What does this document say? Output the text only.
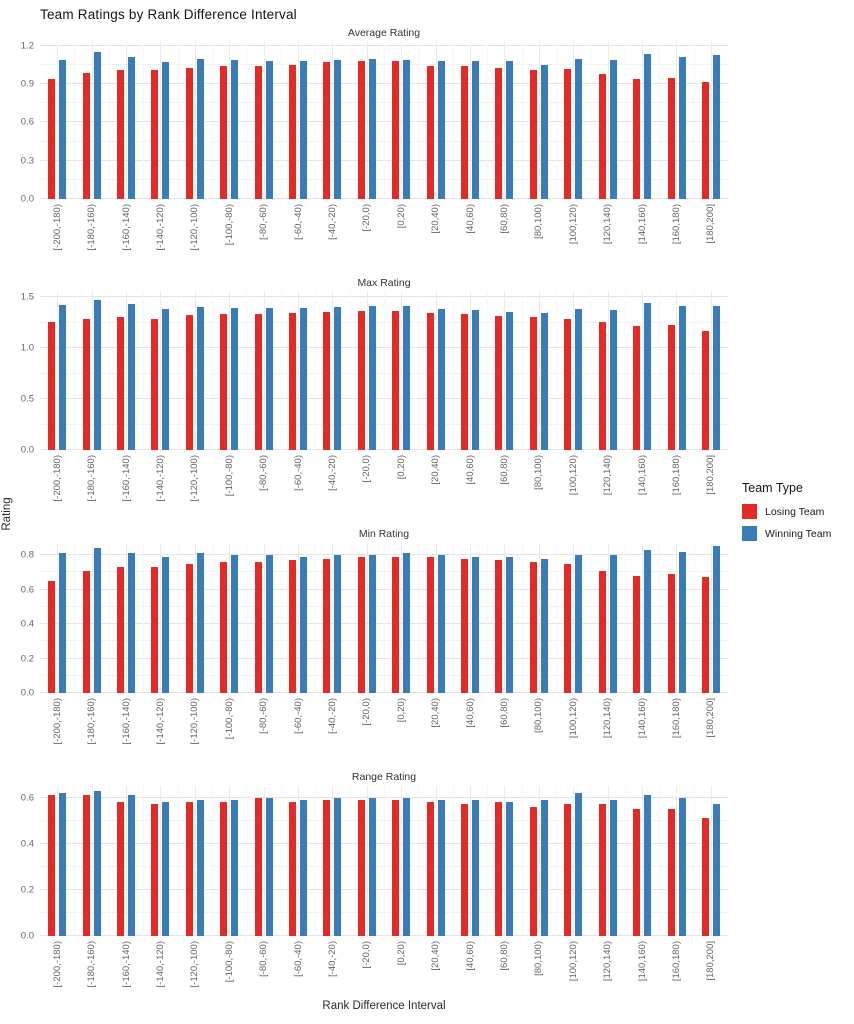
Team Ratings by Rank Difference Interval
Rating
Average Rating
0.0
0.3
0.6
0.9
1.2
[-200,-180) [-180,-160) [-160,-140) [-140,-120) [-120,-100) [-100,-80) [-80,-60) [-60,-40) [-40,-20) [-20,0) [0,20) [20,40) [40,60) [60,80) [80,100) [100,120) [120,140) [140,160) [160,180) [180,200]
Max Rating
0.0
0.5
1.0
1.5
[-200,-180) [-180,-160) [-160,-140) [-140,-120) [-120,-100) [-100,-80) [-80,-60) [-60,-40) [-40,-20) [-20,0) [0,20) [20,40) [40,60) [60,80) [80,100) [100,120) [120,140) [140,160) [160,180) [180,200]
Min Rating
0.0
0.2
0.4
0.6
0.8
[-200,-180) [-180,-160) [-160,-140) [-140,-120) [-120,-100) [-100,-80) [-80,-60) [-60,-40) [-40,-20) [-20,0) [0,20) [20,40) [40,60) [60,80) [80,100) [100,120) [120,140) [140,160) [160,180) [180,200]
Range Rating
0.0
0.2
0.4
0.6
[-200,-180) [-180,-160) [-160,-140) [-140,-120) [-120,-100) [-100,-80) [-80,-60) [-60,-40) [-40,-20) [-20,0) [0,20) [20,40) [40,60) [60,80) [80,100) [100,120) [120,140) [140,160) [160,180) [180,200]
Team Type
Losing Team
Winning Team
Rank Difference Interval
